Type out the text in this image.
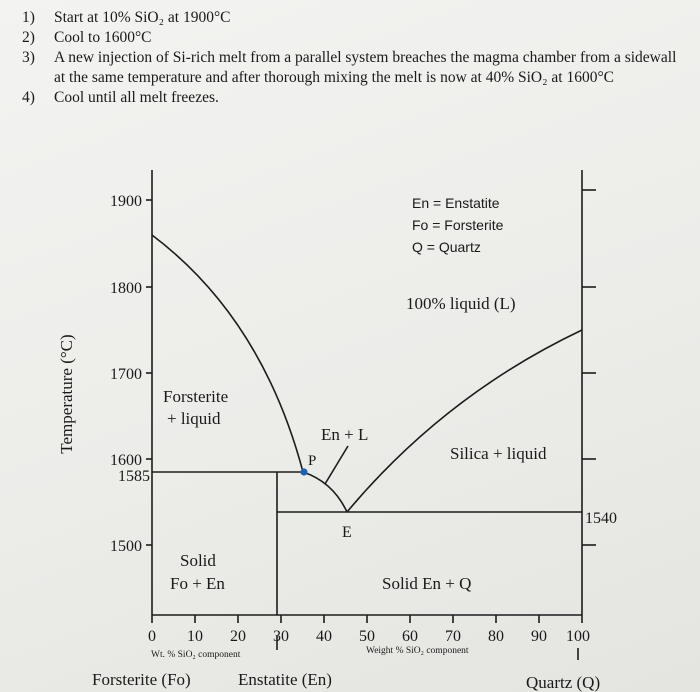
1) Start at 10% SiO₂ at 1900°C

2) Cool to 1600°C

3) A new injection of Si-rich melt from a parallel system breaches the magma chamber from a sidewall at the same temperature and after thorough mixing the melt is now at 40% SiO₂ at 1600°C

4) Cool until all melt freezes.

Temperature (°C)
1900
1800
1700
1600
1585
1500
0 10 20 30 40 50 60 70 80 90 100
Wt. % SiO₂ component	Weight % SiO₂ component
Forsterite (Fo)	Enstatite (En)	Quartz (Q)
En = Enstatite
Fo = Forsterite
Q = Quartz
100% liquid (L)
Forsterite
+ liquid
En + L
Silica + liquid
Solid
Fo + En	Solid En + Q
P
E
1540
